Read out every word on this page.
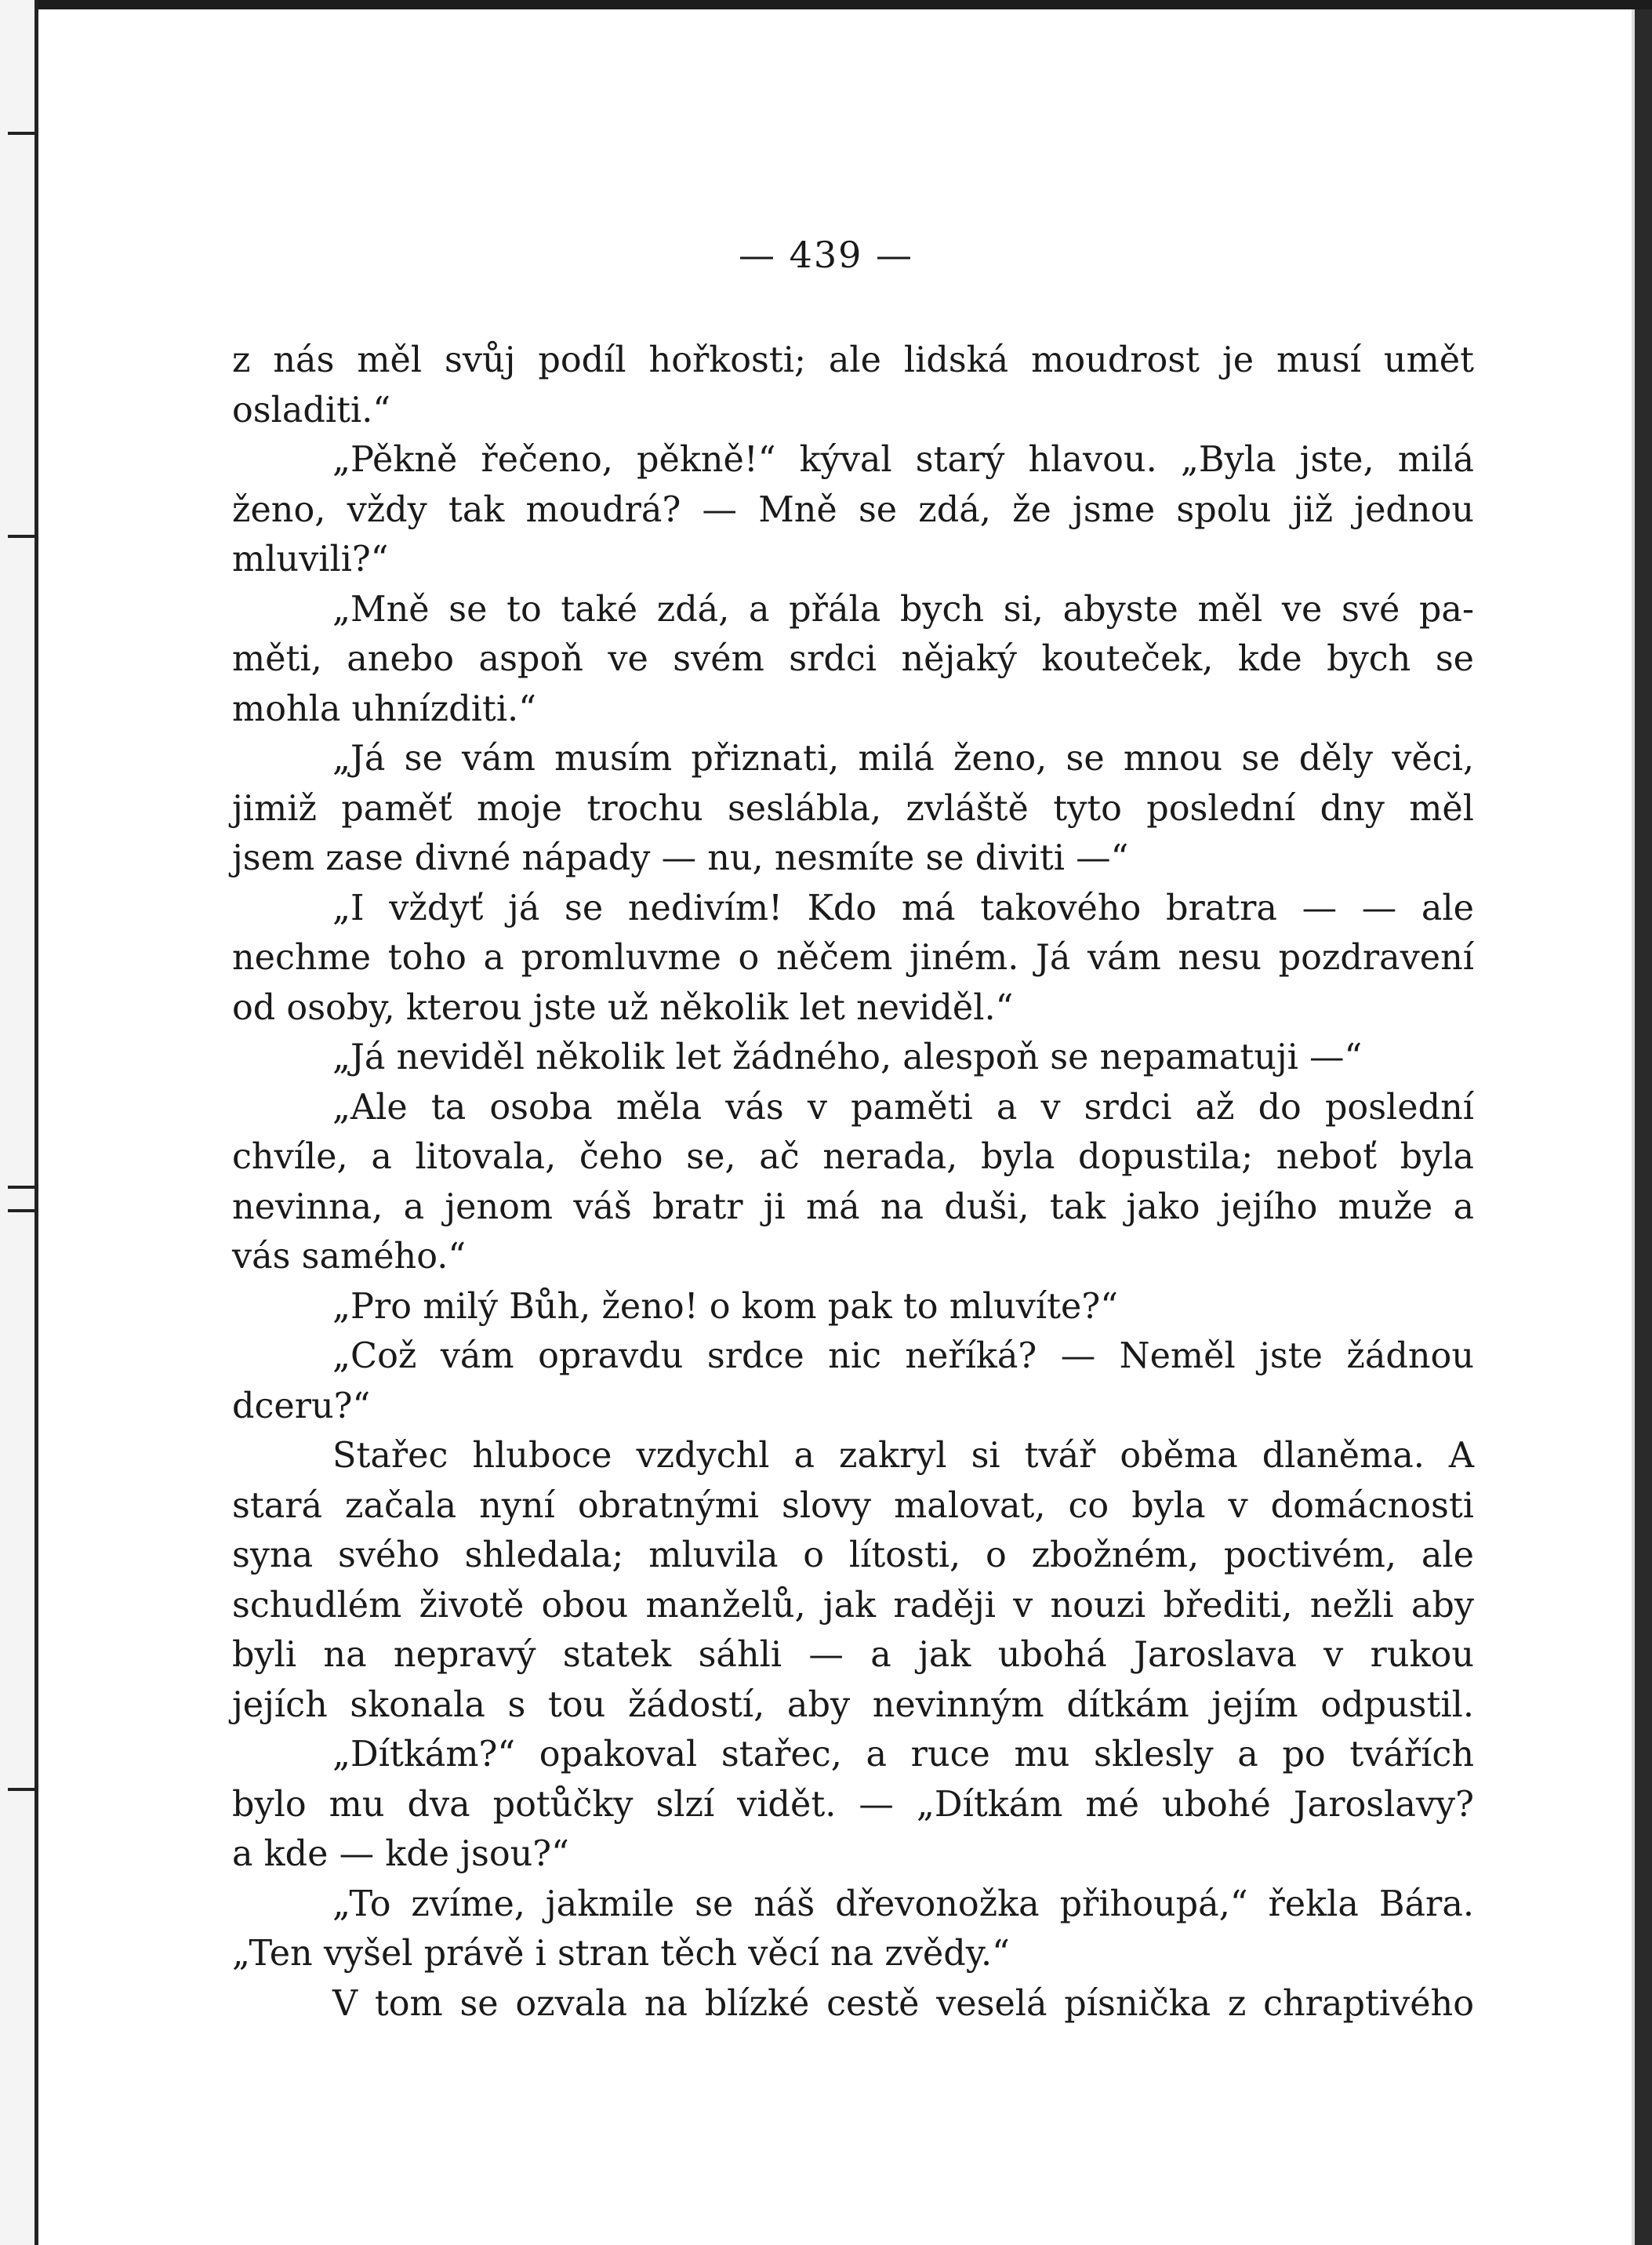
— 439 —
z nás měl svůj podíl hořkosti; ale lidská moudrost je musí umět
osladiti.“
„Pěkně řečeno, pěkně!“ kýval starý hlavou. „Byla jste, milá
ženo, vždy tak moudrá? — Mně se zdá, že jsme spolu již jednou
mluvili?“
„Mně se to také zdá, a přála bych si, abyste měl ve své pa-
měti, anebo aspoň ve svém srdci nějaký kouteček, kde bych se
mohla uhnízditi.“
„Já se vám musím přiznati, milá ženo, se mnou se děly věci,
jimiž paměť moje trochu seslábla, zvláště tyto poslední dny měl
jsem zase divné nápady — nu, nesmíte se diviti —“
„I vždyť já se nedivím! Kdo má takového bratra — — ale
nechme toho a promluvme o něčem jiném. Já vám nesu pozdravení
od osoby, kterou jste už několik let neviděl.“
„Já neviděl několik let žádného, alespoň se nepamatuji —“
„Ale ta osoba měla vás v paměti a v srdci až do poslední
chvíle, a litovala, čeho se, ač nerada, byla dopustila; neboť byla
nevinna, a jenom váš bratr ji má na duši, tak jako jejího muže a
vás samého.“
„Pro milý Bůh, ženo! o kom pak to mluvíte?“
„Což vám opravdu srdce nic neříká? — Neměl jste žádnou
dceru?“
Stařec hluboce vzdychl a zakryl si tvář oběma dlaněma. A
stará začala nyní obratnými slovy malovat, co byla v domácnosti
syna svého shledala; mluvila o lítosti, o zbožném, poctivém, ale
schudlém životě obou manželů, jak raději v nouzi břediti, nežli aby
byli na nepravý statek sáhli — a jak ubohá Jaroslava v rukou
jejích skonala s tou žádostí, aby nevinným dítkám jejím odpustil.
„Dítkám?“ opakoval stařec, a ruce mu sklesly a po tvářích
bylo mu dva potůčky slzí vidět. — „Dítkám mé ubohé Jaroslavy?
a kde — kde jsou?“
„To zvíme, jakmile se náš dřevonožka přihoupá,“ řekla Bára.
„Ten vyšel právě i stran těch věcí na zvědy.“
V tom se ozvala na blízké cestě veselá písnička z chraptivého
